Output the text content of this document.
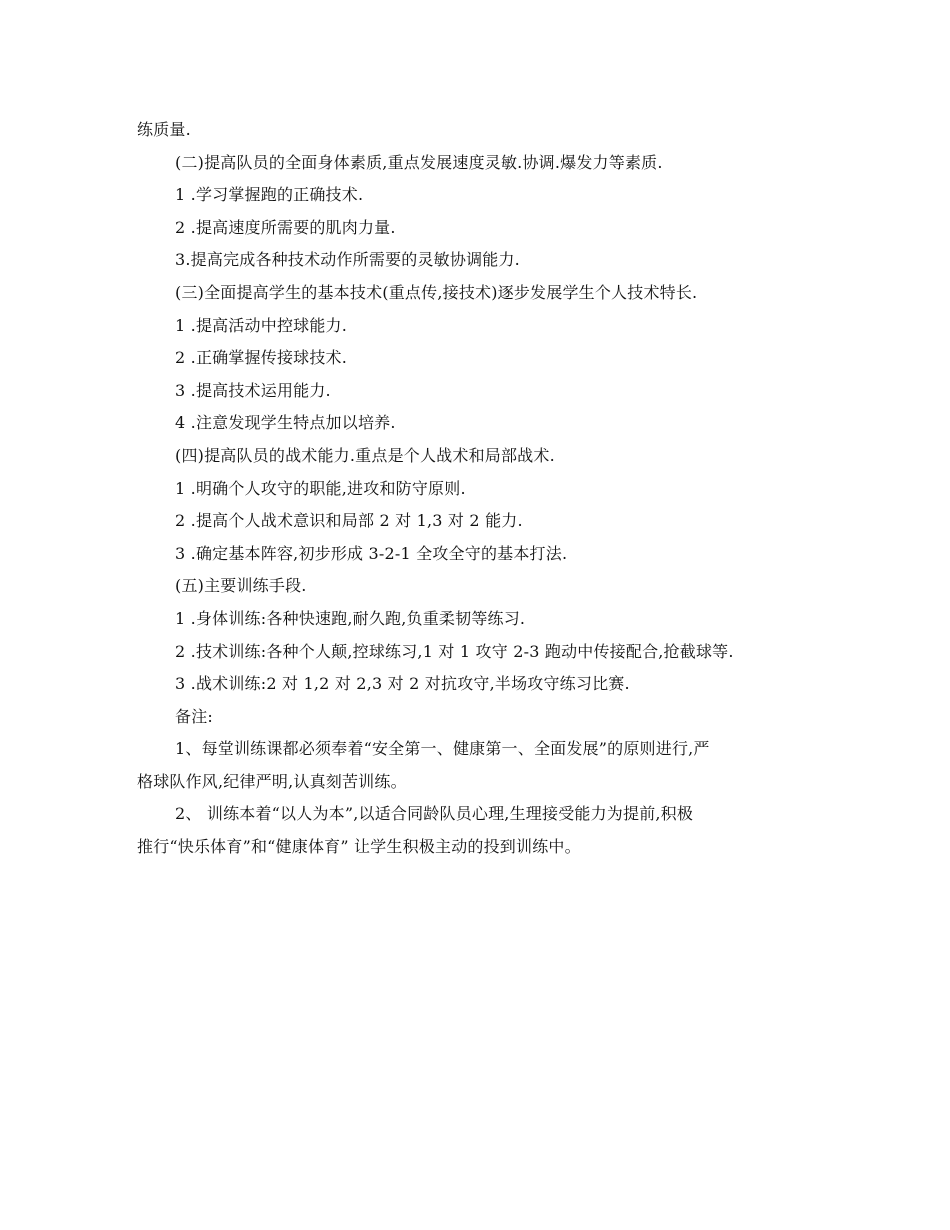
练质量.

(二)提高队员的全面身体素质,重点发展速度灵敏.协调.爆发力等素质.

1 .学习掌握跑的正确技术.

2 .提高速度所需要的肌肉力量.

3.提高完成各种技术动作所需要的灵敏协调能力.

(三)全面提高学生的基本技术(重点传,接技术)逐步发展学生个人技术特长.

1 .提高活动中控球能力.

2 .正确掌握传接球技术.

3 .提高技术运用能力.

4 .注意发现学生特点加以培养.

(四)提高队员的战术能力.重点是个人战术和局部战术.

1 .明确个人攻守的职能,进攻和防守原则.

2 .提高个人战术意识和局部 2 对 1,3 对 2 能力.

3 .确定基本阵容,初步形成 3-2-1 全攻全守的基本打法.

(五)主要训练手段.

1 .身体训练:各种快速跑,耐久跑,负重柔韧等练习.

2 .技术训练:各种个人颠,控球练习,1 对 1 攻守 2-3 跑动中传接配合,抢截球等.

3 .战术训练:2 对 1,2 对 2,3 对 2 对抗攻守,半场攻守练习比赛.

备注:

1、每堂训练课都必须奉着“安全第一、健康第一、全面发展”的原则进行,严

格球队作风,纪律严明,认真刻苦训练。

2、 训练本着“以人为本”,以适合同龄队员心理,生理接受能力为提前,积极

推行“快乐体育”和“健康体育” 让学生积极主动的投到训练中。
